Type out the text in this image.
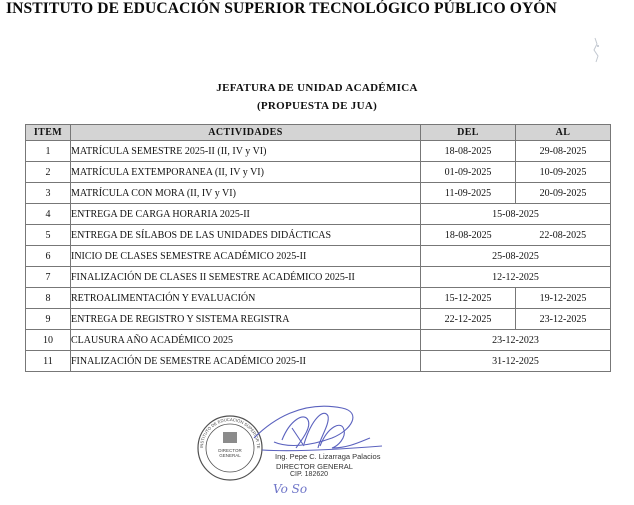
INSTITUTO DE EDUCACIÓN SUPERIOR TECNOLÓGICO PÚBLICO OYÓN
JEFATURA DE UNIDAD ACADÉMICA
(PROPUESTA DE JUA)
ITEM	ACTIVIDADES	DEL	AL
1	MATRÍCULA SEMESTRE 2025-II (II, IV y VI)	18-08-2025	29-08-2025
2	MATRÍCULA EXTEMPORANEA (II, IV y VI)	01-09-2025	10-09-2025
3	MATRÍCULA CON MORA (II, IV y VI)	11-09-2025	20-09-2025
4	ENTREGA DE CARGA HORARIA 2025-II	15-08-2025	
5	ENTREGA DE SÍLABOS DE LAS UNIDADES DIDÁCTICAS	18-08-2025	22-08-2025
6	INICIO DE CLASES SEMESTRE ACADÉMICO 2025-II	25-08-2025	
7	FINALIZACIÓN DE CLASES II SEMESTRE ACADÉMICO 2025-II	12-12-2025	
8	RETROALIMENTACIÓN Y EVALUACIÓN	15-12-2025	19-12-2025
9	ENTREGA DE REGISTRO Y SISTEMA REGISTRA	22-12-2025	23-12-2025
10	CLAUSURA AÑO ACADÉMICO 2025	23-12-2023	
11	FINALIZACIÓN DE SEMESTRE ACADÉMICO 2025-II	31-12-2025	
INSTITUTO DE EDUCACIÓN SUPERIOR TE
DIRECTOR
GENERAL	Ing. Pepe C. Lizarraga Palacios
DIRECTOR GENERAL
CIP. 182620
Vo So
